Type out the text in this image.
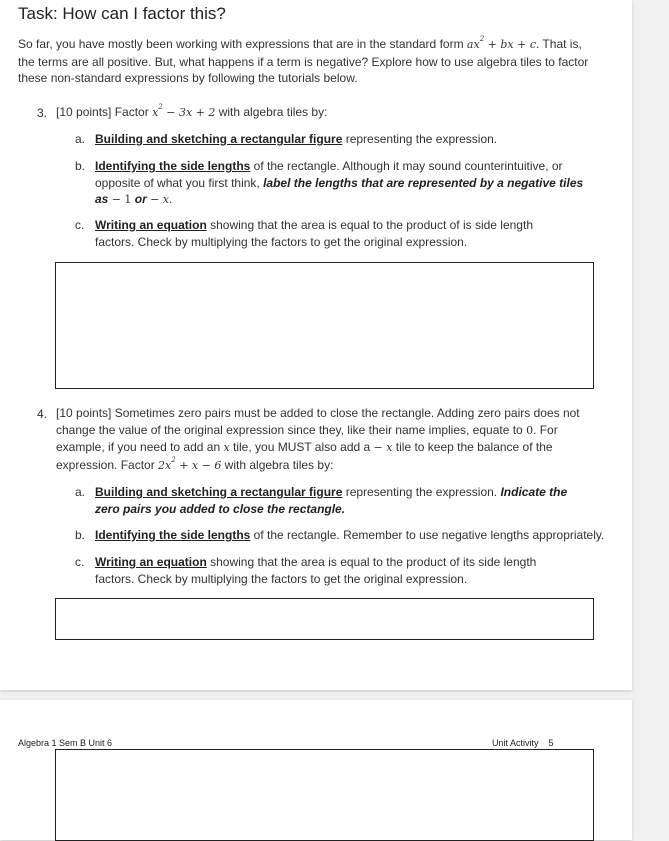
Task: How can I factor this?
So far, you have mostly been working with expressions that are in the standard form $ax^2$ + bx + c. That is, the terms are all positive. But, what happens if a term is negative? Explore how to use algebra tiles to factor these non-standard expressions by following the tutorials below.
3. [10 points] Factor $x^2 - 3x + 2$ with algebra tiles by:
a. Building and sketching a rectangular figure representing the expression.
b. Identifying the side lengths of the rectangle. Although it may sound counterintuitive, or opposite of what you first think, label the lengths that are represented by a negative tiles as − 1 or − x.
c. Writing an equation showing that the area is equal to the product of is side length factors. Check by multiplying the factors to get the original expression.
4. [10 points] Sometimes zero pairs must be added to close the rectangle. Adding zero pairs does not change the value of the original expression since they, like their name implies, equate to 0. For example, if you need to add an x tile, you MUST also add a − x tile to keep the balance of the expression. Factor $2x^2 + x - 6$ with algebra tiles by:
a. Building and sketching a rectangular figure representing the expression. Indicate the zero pairs you added to close the rectangle.
b. Identifying the side lengths of the rectangle. Remember to use negative lengths appropriately.
c. Writing an equation showing that the area is equal to the product of its side length factors. Check by multiplying the factors to get the original expression.
Algebra 1 Sem B Unit 6	Unit Activity 5
